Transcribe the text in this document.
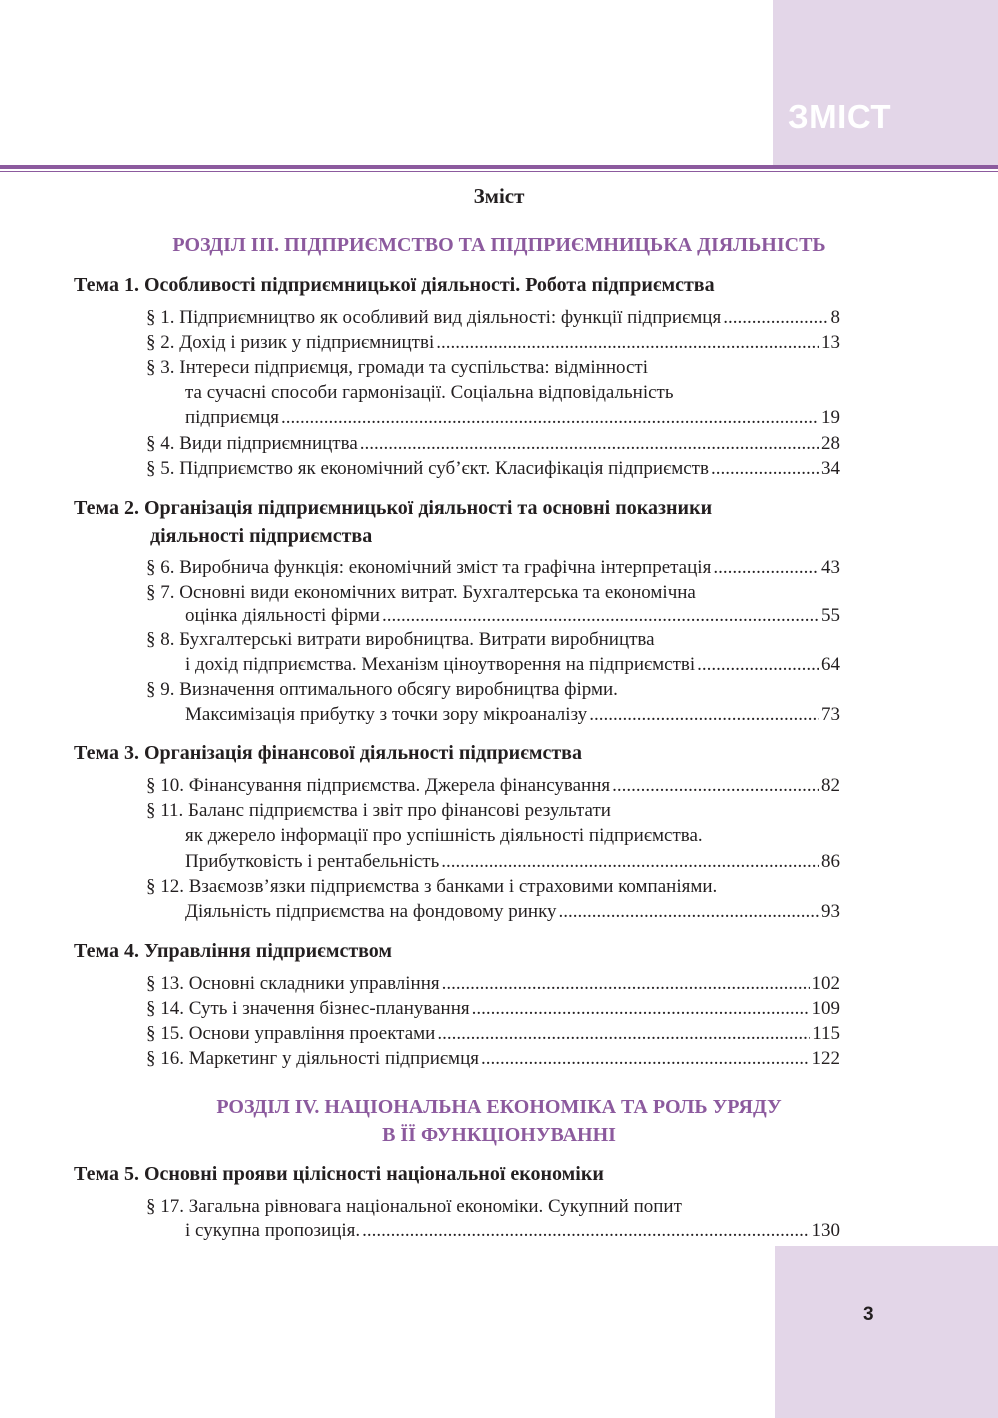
ЗМІСТ
Зміст
РОЗДІЛ ІІІ. ПІДПРИЄМСТВО ТА ПІДПРИЄМНИЦЬКА ДІЯЛЬНІСТЬ
Тема 1. Особливості підприємницької діяльності. Робота підприємства
§ 1. Підприємництво як особливий вид діяльності: функції підприємця .....	8
§ 2. Дохід і ризик у підприємництві .....	13
§ 3. Інтереси підприємця, громади та суспільства: відмінності
та сучасні способи гармонізації. Соціальна відповідальність
підприємця .....	19
§ 4. Види підприємництва .....	28
§ 5. Підприємство як економічний суб’єкт. Класифікація підприємств .....	34
Тема 2. Організація підприємницької діяльності та основні показники
діяльності підприємства
§ 6. Виробнича функція: економічний зміст та графічна інтерпретація .....	43
§ 7. Основні види економічних витрат. Бухгалтерська та економічна
оцінка діяльності фірми .....	55
§ 8. Бухгалтерські витрати виробництва. Витрати виробництва
і дохід підприємства. Механізм ціноутворення на підприємстві .....	64
§ 9. Визначення оптимального обсягу виробництва фірми.
Максимізація прибутку з точки зору мікроаналізу .....	73
Тема 3. Організація фінансової діяльності підприємства
§ 10. Фінансування підприємства. Джерела фінансування .....	82
§ 11. Баланс підприємства і звіт про фінансові результати
як джерело інформації про успішність діяльності підприємства.
Прибутковість і рентабельність .....	86
§ 12. Взаємозв’язки підприємства з банками і страховими компаніями.
Діяльність підприємства на фондовому ринку .....	93
Тема 4. Управління підприємством
§ 13. Основні складники управління .....	102
§ 14. Суть і значення бізнес-планування .....	109
§ 15. Основи управління проектами .....	115
§ 16. Маркетинг у діяльності підприємця .....	122
РОЗДІЛ IV. НАЦІОНАЛЬНА ЕКОНОМІКА ТА РОЛЬ УРЯДУ
В ЇЇ ФУНКЦІОНУВАННІ
Тема 5. Основні прояви цілісності національної економіки
§ 17. Загальна рівновага національної економіки. Сукупний попит
і сукупна пропозиція. .....	130
3
